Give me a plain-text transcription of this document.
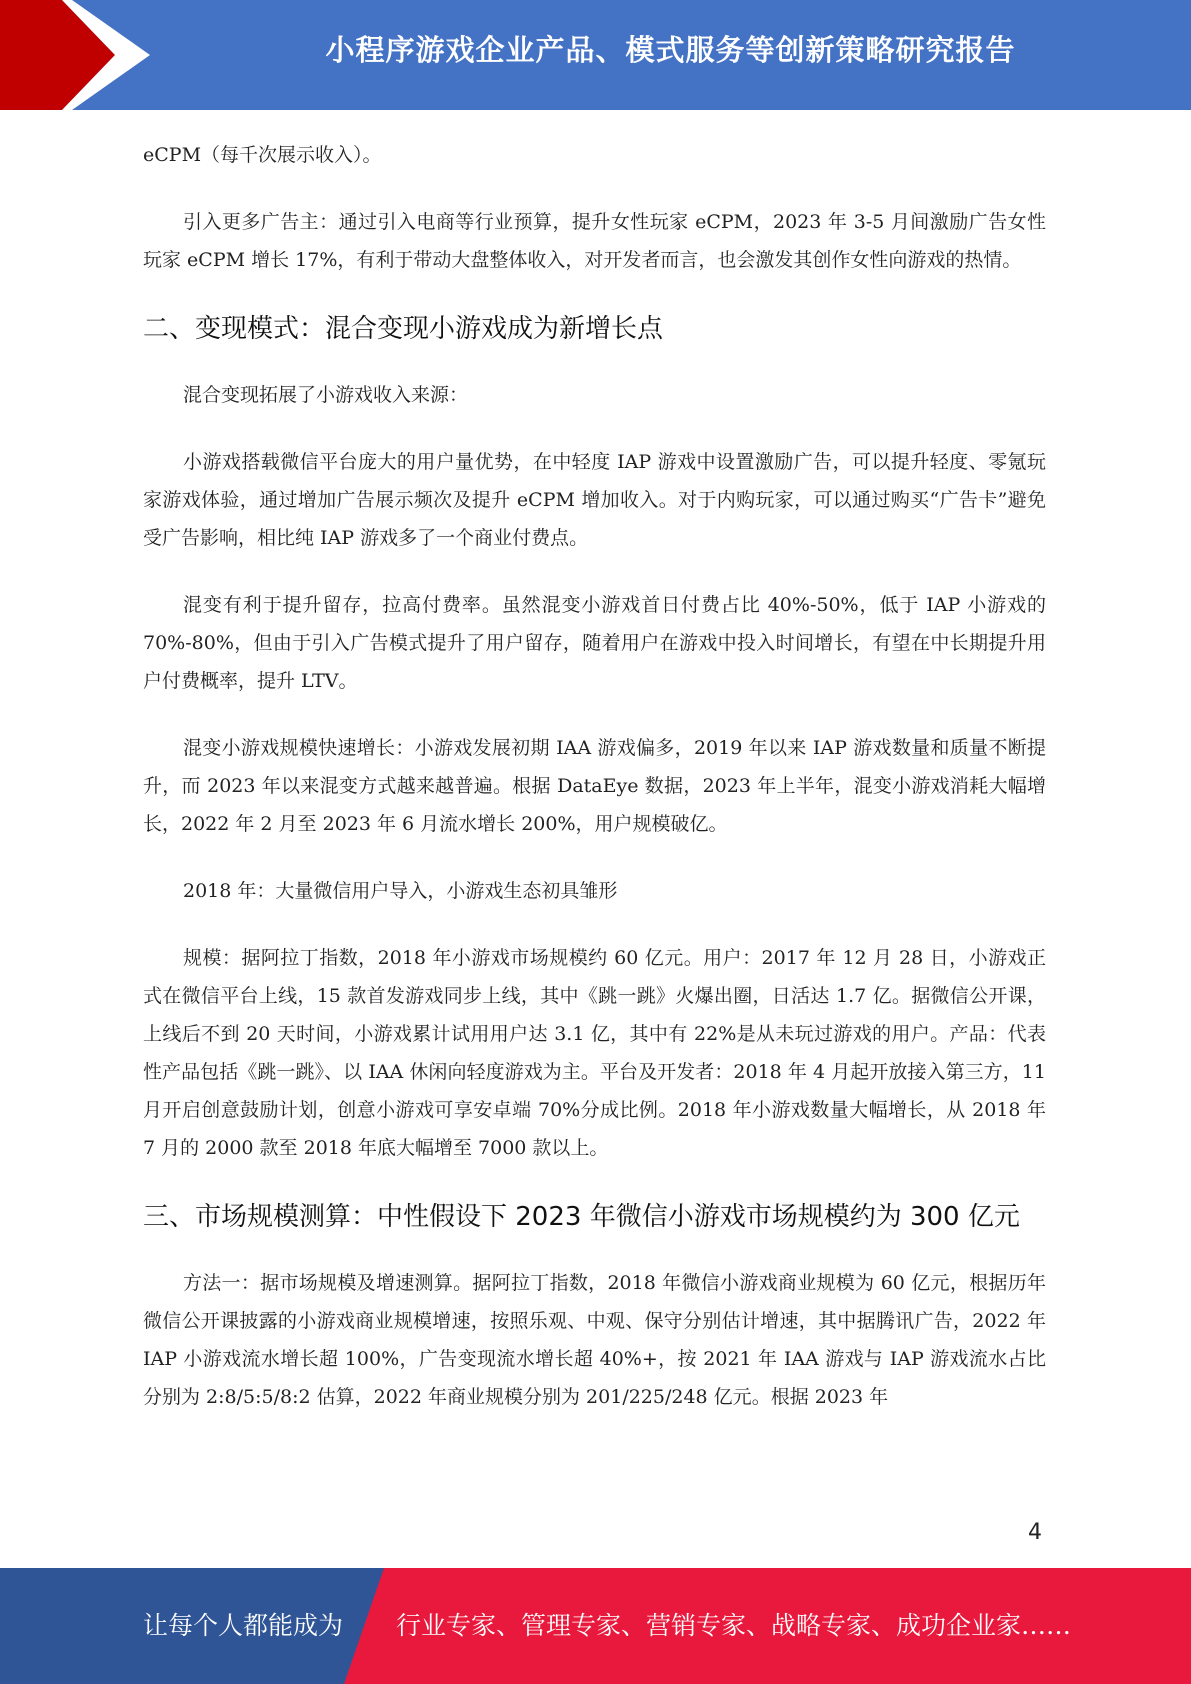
小程序游戏企业产品、模式服务等创新策略研究报告

eCPM（每千次展示收入）。

引入更多广告主：通过引入电商等行业预算，提升女性玩家 eCPM，2023 年 3-5 月间激励广告女性玩家 eCPM 增长 17%，有利于带动大盘整体收入，对开发者而言，也会激发其创作女性向游戏的热情。

二、变现模式：混合变现小游戏成为新增长点

混合变现拓展了小游戏收入来源：

小游戏搭载微信平台庞大的用户量优势，在中轻度 IAP 游戏中设置激励广告，可以提升轻度、零氪玩家游戏体验，通过增加广告展示频次及提升 eCPM 增加收入。对于内购玩家，可以通过购买“广告卡”避免受广告影响，相比纯 IAP 游戏多了一个商业付费点。

混变有利于提升留存，拉高付费率。虽然混变小游戏首日付费占比 40%-50%，低于 IAP 小游戏的 70%-80%，但由于引入广告模式提升了用户留存，随着用户在游戏中投入时间增长，有望在中长期提升用户付费概率，提升 LTV。

混变小游戏规模快速增长：小游戏发展初期 IAA 游戏偏多，2019 年以来 IAP 游戏数量和质量不断提升，而 2023 年以来混变方式越来越普遍。根据 DataEye 数据，2023 年上半年，混变小游戏消耗大幅增长，2022 年 2 月至 2023 年 6 月流水增长 200%，用户规模破亿。

2018 年：大量微信用户导入，小游戏生态初具雏形

规模：据阿拉丁指数，2018 年小游戏市场规模约 60 亿元。用户：2017 年 12 月 28 日，小游戏正式在微信平台上线，15 款首发游戏同步上线，其中《跳一跳》火爆出圈，日活达 1.7 亿。据微信公开课，上线后不到 20 天时间，小游戏累计试用用户达 3.1 亿，其中有 22%是从未玩过游戏的用户。产品：代表性产品包括《跳一跳》、以 IAA 休闲向轻度游戏为主。平台及开发者：2018 年 4 月起开放接入第三方，11 月开启创意鼓励计划，创意小游戏可享安卓端 70%分成比例。2018 年小游戏数量大幅增长，从 2018 年 7 月的 2000 款至 2018 年底大幅增至 7000 款以上。

三、市场规模测算：中性假设下 2023 年微信小游戏市场规模约为 300 亿元

方法一：据市场规模及增速测算。据阿拉丁指数，2018 年微信小游戏商业规模为 60 亿元，根据历年微信公开课披露的小游戏商业规模增速，按照乐观、中观、保守分别估计增速，其中据腾讯广告，2022 年 IAP 小游戏流水增长超 100%，广告变现流水增长超 40%+，按 2021 年 IAA 游戏与 IAP 游戏流水占比分别为 2:8/5:5/8:2 估算，2022 年商业规模分别为 201/225/248 亿元。根据 2023 年

4
让每个人都能成为 行业专家、管理专家、营销专家、战略专家、成功企业家……
